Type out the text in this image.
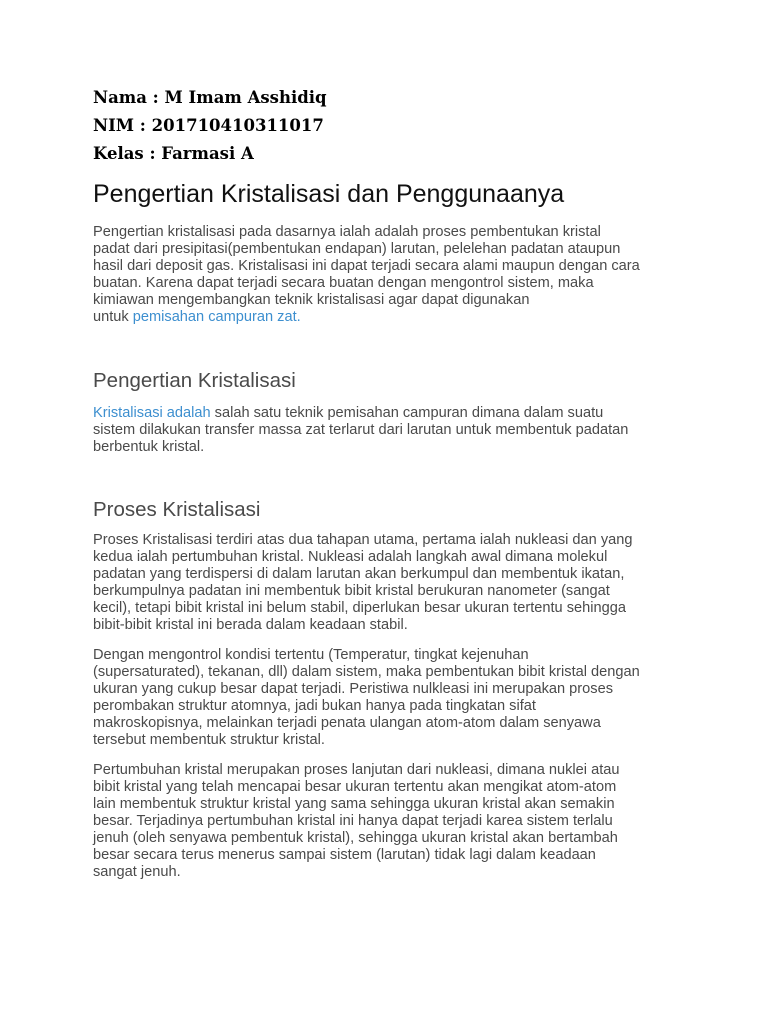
Nama : M Imam Asshidiq

NIM : 201710410311017

Kelas : Farmasi A

Pengertian Kristalisasi dan Penggunaanya
Pengertian kristalisasi pada dasarnya ialah adalah proses pembentukan kristal
padat dari presipitasi(pembentukan endapan) larutan, pelelehan padatan ataupun
hasil dari deposit gas. Kristalisasi ini dapat terjadi secara alami maupun dengan cara
buatan. Karena dapat terjadi secara buatan dengan mengontrol sistem, maka
kimiawan mengembangkan teknik kristalisasi agar dapat digunakan
untuk pemisahan campuran zat.
Pengertian Kristalisasi
Kristalisasi adalah salah satu teknik pemisahan campuran dimana dalam suatu
sistem dilakukan transfer massa zat terlarut dari larutan untuk membentuk padatan
berbentuk kristal.
Proses Kristalisasi
Proses Kristalisasi terdiri atas dua tahapan utama, pertama ialah nukleasi dan yang
kedua ialah pertumbuhan kristal. Nukleasi adalah langkah awal dimana molekul
padatan yang terdispersi di dalam larutan akan berkumpul dan membentuk ikatan,
berkumpulnya padatan ini membentuk bibit kristal berukuran nanometer (sangat
kecil), tetapi bibit kristal ini belum stabil, diperlukan besar ukuran tertentu sehingga
bibit-bibit kristal ini berada dalam keadaan stabil.
Dengan mengontrol kondisi tertentu (Temperatur, tingkat kejenuhan
(supersaturated), tekanan, dll) dalam sistem, maka pembentukan bibit kristal dengan
ukuran yang cukup besar dapat terjadi. Peristiwa nulkleasi ini merupakan proses
perombakan struktur atomnya, jadi bukan hanya pada tingkatan sifat
makroskopisnya, melainkan terjadi penata ulangan atom-atom dalam senyawa
tersebut membentuk struktur kristal.
Pertumbuhan kristal merupakan proses lanjutan dari nukleasi, dimana nuklei atau
bibit kristal yang telah mencapai besar ukuran tertentu akan mengikat atom-atom
lain membentuk struktur kristal yang sama sehingga ukuran kristal akan semakin
besar. Terjadinya pertumbuhan kristal ini hanya dapat terjadi karea sistem terlalu
jenuh (oleh senyawa pembentuk kristal), sehingga ukuran kristal akan bertambah
besar secara terus menerus sampai sistem (larutan) tidak lagi dalam keadaan
sangat jenuh.
